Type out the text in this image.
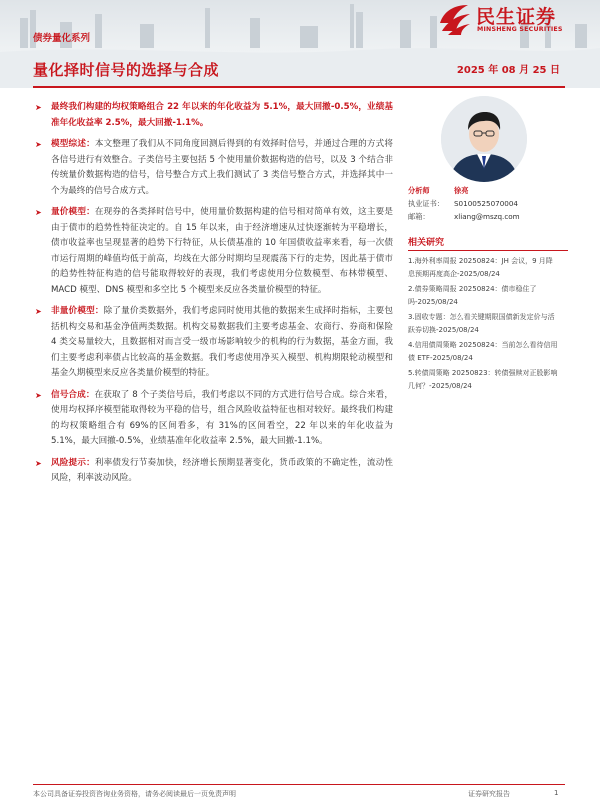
债券量化系列
量化择时信号的选择与合成	2025 年 08 月 25 日
民生证券
MINSHENG SECURITIES
➤ 最终我们构建的均权策略组合 22 年以来的年化收益为 5.1%，最大回撤-0.5%，业绩基准年化收益率 2.5%，最大回撤-1.1%。
➤ 模型综述：本文整理了我们从不同角度回测后得到的有效择时信号，并通过合理的方式将各信号进行有效整合。子类信号主要包括 5 个使用量价数据构造的信号，以及 3 个结合非传统量价数据构造的信号，信号整合方式上我们测试了 3 类信号整合方式，并选择其中一个为最终的信号合成方式。
➤ 量价模型：在现券的各类择时信号中，使用量价数据构建的信号相对简单有效，这主要是由于债市的趋势性特征决定的。自 15 年以来，由于经济增速从过快逐渐转为平稳增长，债市收益率也呈现显著的趋势下行特征，从长债基准的 10 年国债收益率来看，每一次债市运行周期的峰值均低于前高，均线在大部分时期均呈现震荡下行的走势，因此基于债市的趋势性特征构造的信号能取得较好的表现，我们考虑使用分位数模型、布林带模型、MACD 模型、DNS 模型和多空比 5 个模型来反应各类量价模型的特征。
➤ 非量价模型：除了量价类数据外，我们考虑同时使用其他的数据来生成择时指标，主要包括机构交易和基金净值两类数据。机构交易数据我们主要考虑基金、农商行、券商和保险 4 类交易量较大，且数据相对而言受一级市场影响较少的机构的行为数据，基金方面，我们主要考虑利率债占比较高的基金数据。我们考虑使用净买入模型、机构期限轮动模型和基金久期模型来反应各类量价模型的特征。
➤ 信号合成：在获取了 8 个子类信号后，我们考虑以不同的方式进行信号合成。综合来看，使用均权择序模型能取得较为平稳的信号，组合风险收益特征也相对较好。最终我们构建的均权策略组合有 69%的区间看多，有 31%的区间看空，22 年以来的年化收益为 5.1%，最大回撤-0.5%，业绩基准年化收益率 2.5%，最大回撤-1.1%。
➤ 风险提示：利率债发行节奏加快，经济增长预期显著变化，货币政策的不确定性，流动性风险，利率波动风险。
分析师	徐亮
执业证书： S0100525070004
邮箱：	xliang@mszq.com
相关研究
1.海外利率周报 20250824：JH 会议，9 月降息预期再度高企-2025/08/24
2.债券策略周报 20250824：债市稳住了吗-2025/08/24
3.固收专题：怎么看关键期限国债新发定价与活跃券切换-2025/08/24
4.信用债周策略 20250824：当前怎么看待信用债 ETF-2025/08/24
5.转债周策略 20250823：转债强赎对正股影响几何？-2025/08/24
本公司具备证券投资咨询业务资格，请务必阅读最后一页免责声明	证券研究报告	1
